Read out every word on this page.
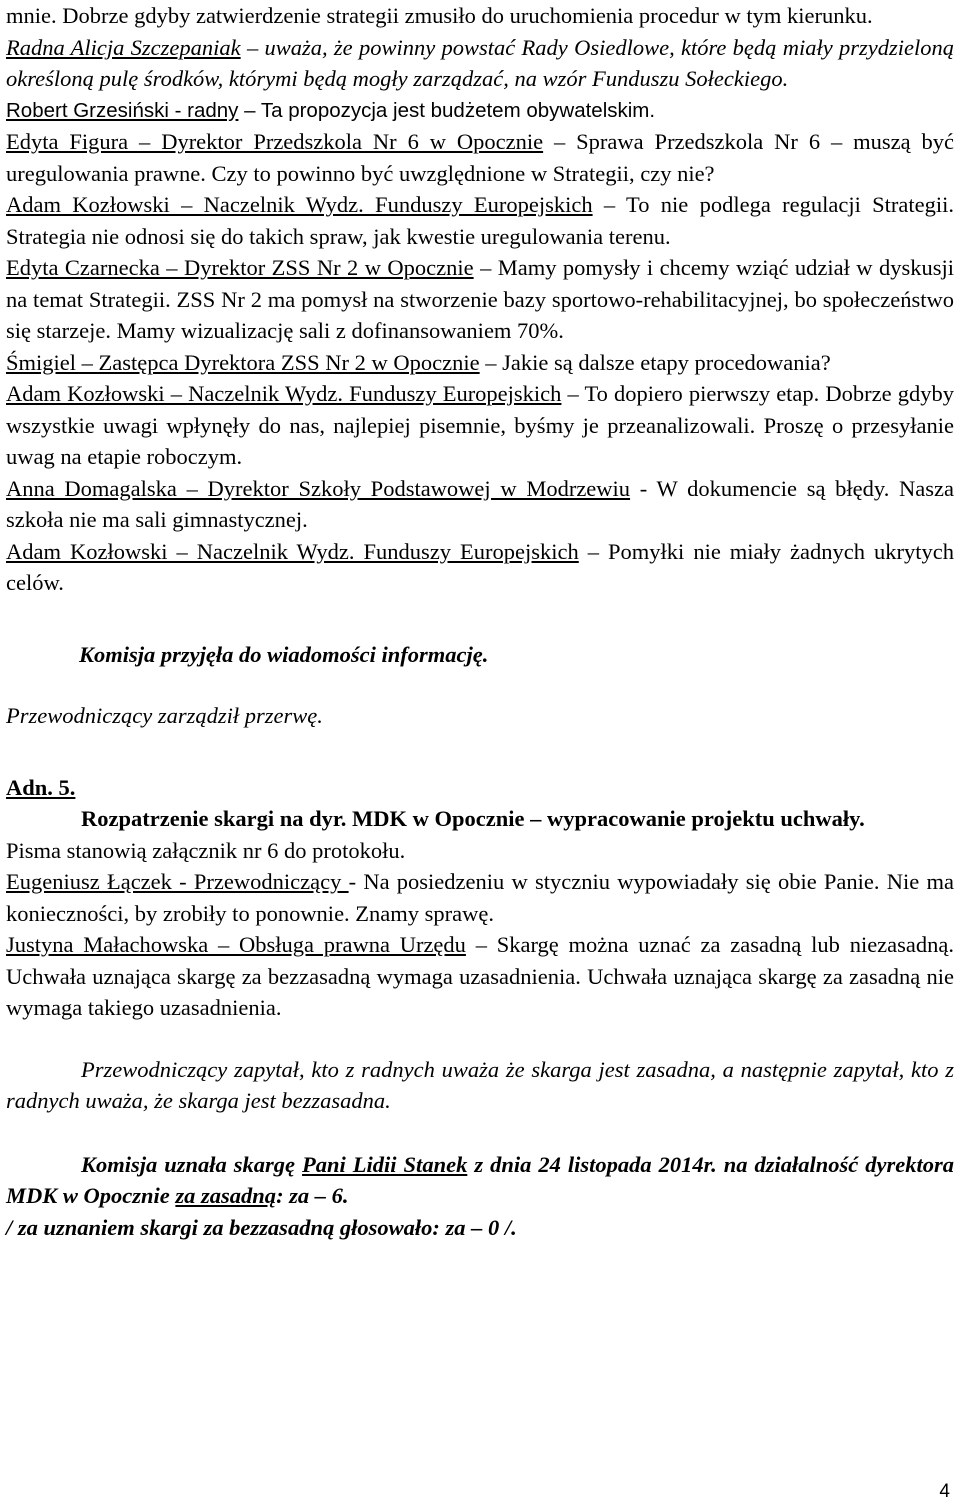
mnie. Dobrze gdyby zatwierdzenie strategii zmusiło do uruchomienia procedur w tym kierunku.

Radna Alicja Szczepaniak – uważa, że powinny powstać Rady Osiedlowe, które będą miały przydzieloną określoną pulę środków, którymi będą mogły zarządzać, na wzór Funduszu Sołeckiego.

Robert Grzesiński - radny – Ta propozycja jest budżetem obywatelskim.

Edyta Figura – Dyrektor Przedszkola Nr 6 w Opocznie – Sprawa Przedszkola Nr 6 – muszą być uregulowania prawne. Czy to powinno być uwzględnione w Strategii, czy nie?

Adam Kozłowski – Naczelnik Wydz. Funduszy Europejskich – To nie podlega regulacji Strategii. Strategia nie odnosi się do takich spraw, jak kwestie uregulowania terenu.

Edyta Czarnecka – Dyrektor ZSS Nr 2 w Opocznie – Mamy pomysły i chcemy wziąć udział w dyskusji na temat Strategii. ZSS Nr 2 ma pomysł na stworzenie bazy sportowo-rehabilitacyjnej, bo społeczeństwo się starzeje. Mamy wizualizację sali z dofinansowaniem 70%.

Śmigiel – Zastępca Dyrektora ZSS Nr 2 w Opocznie – Jakie są dalsze etapy procedowania?

Adam Kozłowski – Naczelnik Wydz. Funduszy Europejskich – To dopiero pierwszy etap. Dobrze gdyby wszystkie uwagi wpłynęły do nas, najlepiej pisemnie, byśmy je przeanalizowali. Proszę o przesyłanie uwag na etapie roboczym.

Anna Domagalska – Dyrektor Szkoły Podstawowej w Modrzewiu - W dokumencie są błędy. Nasza szkoła nie ma sali gimnastycznej.

Adam Kozłowski – Naczelnik Wydz. Funduszy Europejskich – Pomyłki nie miały żadnych ukrytych celów.

Komisja przyjęła do wiadomości informację.

Przewodniczący zarządził przerwę.

Adn. 5.

Rozpatrzenie skargi na dyr. MDK w Opocznie – wypracowanie projektu uchwały.

Pisma stanowią załącznik nr 6 do protokołu.

Eugeniusz Łączek - Przewodniczący - Na posiedzeniu w styczniu wypowiadały się obie Panie. Nie ma konieczności, by zrobiły to ponownie. Znamy sprawę.

Justyna Małachowska – Obsługa prawna Urzędu – Skargę można uznać za zasadną lub niezasadną. Uchwała uznająca skargę za bezzasadną wymaga uzasadnienia. Uchwała uznająca skargę za zasadną nie wymaga takiego uzasadnienia.

Przewodniczący zapytał, kto z radnych uważa że skarga jest zasadna, a następnie zapytał, kto z radnych uważa, że skarga jest bezzasadna.

Komisja uznała skargę Pani Lidii Stanek z dnia 24 listopada 2014r. na działalność dyrektora MDK w Opocznie za zasadną: za – 6.

/ za uznaniem skargi za bezzasadną głosowało: za – 0 /.

4
